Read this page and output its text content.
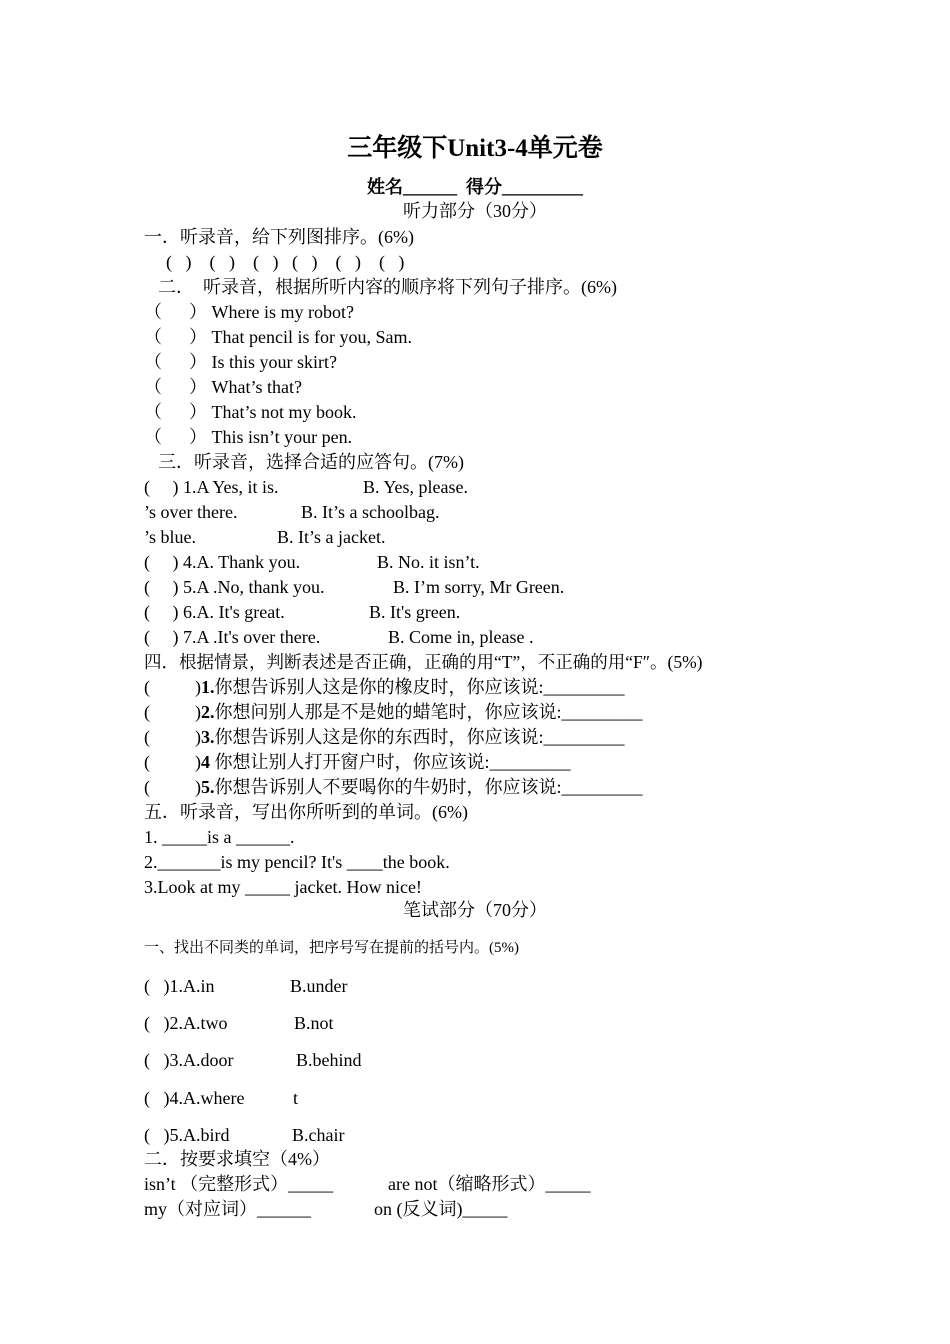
三年级下Unit3-4单元卷
姓名______ 得分_________
听力部分（30分）
一．听录音，给下列图排序。(6%)
(   )    (   )    (   )   (   )    (   )    (   )
二．  听录音，根据所听内容的顺序将下列句子排序。(6%)
（      ） Where is my robot?
（      ） That pencil is for you, Sam.
（      ） Is this your skirt?
（      ） What’s that?
（      ） That’s not my book.
（      ） This isn’t your pen.
三．听录音，选择合适的应答句。(7%)
(     ) 1.A Yes, it is.	B. Yes, please.
’s over there.	B. It’s a schoolbag.
’s blue.	B. It’s a jacket.
(     ) 4.A. Thank you.	B. No. it isn’t.
(     ) 5.A .No, thank you.	B. I’m sorry, Mr Green.
(     ) 6.A. It's great.	B. It's green.
(     ) 7.A .It's over there.	B. Come in, please .
四．根据情景，判断表述是否正确，正确的用“T”，不正确的用“F″。(5%)
(          )1.你想告诉别人这是你的橡皮时，你应该说:_________
(          )2.你想问别人那是不是她的蜡笔时，你应该说:_________
(          )3.你想告诉别人这是你的东西时，你应该说:_________
(          )4 你想让别人打开窗户时，你应该说:_________
(          )5.你想告诉别人不要喝你的牛奶时，你应该说:_________
五．听录音，写出你所听到的单词。(6%)
1. _____is a ______.
2._______is my pencil? It's ____the book.
3.Look at my _____ jacket. How nice!
笔试部分（70分）
一、找出不同类的单词，把序号写在提前的括号内。(5%)
(   )1.A.in	B.under
(   )2.A.two	B.not
(   )3.A.door	B.behind
(   )4.A.where	t
(   )5.A.bird	B.chair
二．按要求填空（4%）
isn’t （完整形式）_____	are not（缩略形式）_____
my（对应词）______	on (反义词)_____
